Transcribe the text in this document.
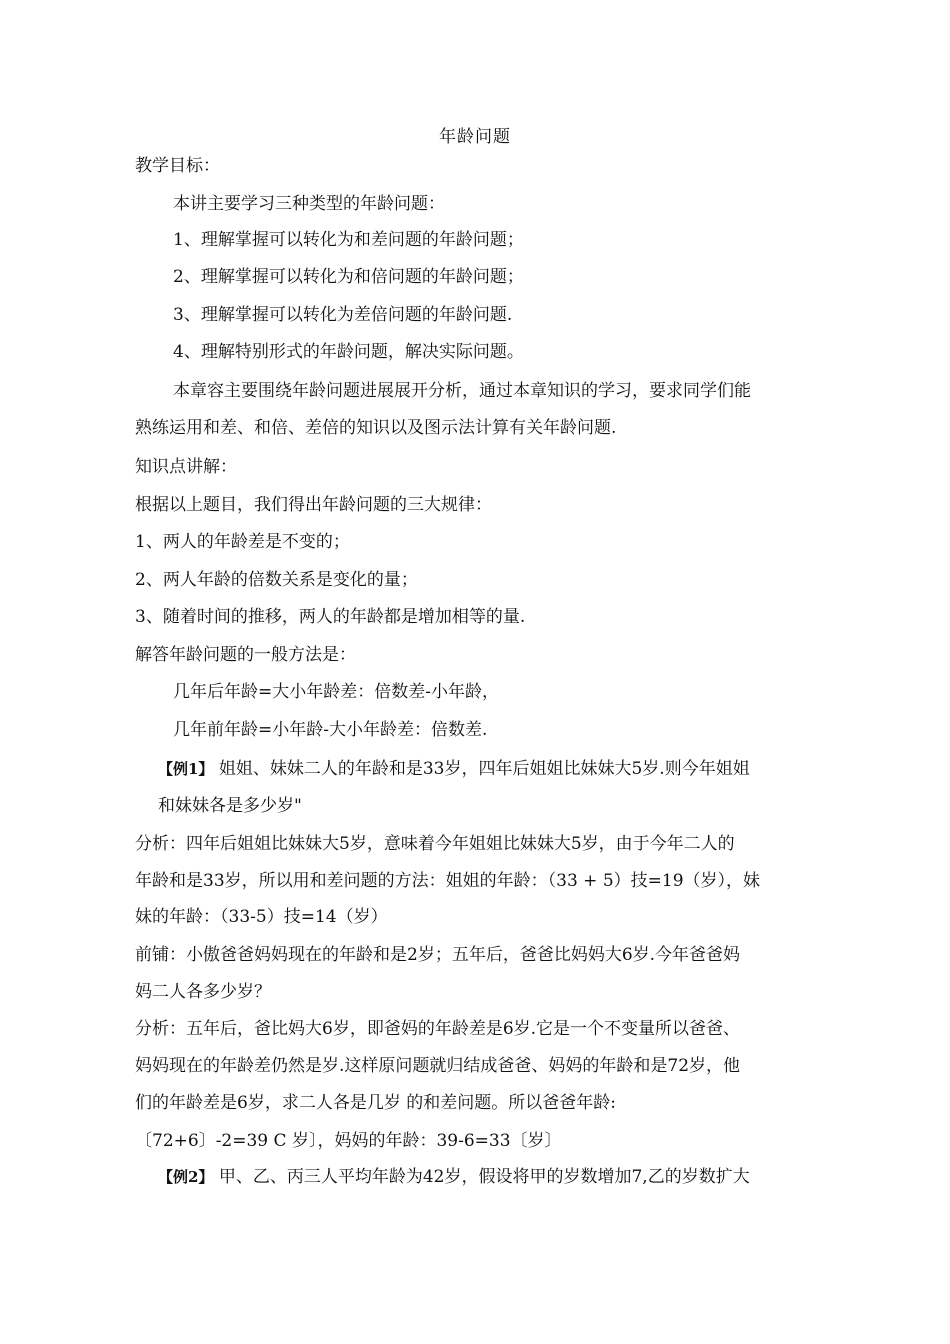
年龄问题
教学目标：
本讲主要学习三种类型的年龄问题：
1、理解掌握可以转化为和差问题的年龄问题；
2、理解掌握可以转化为和倍问题的年龄问题；
3、理解掌握可以转化为差倍问题的年龄问题.
4、理解特别形式的年龄问题，解决实际问题。
本章容主要围绕年龄问题进展展开分析，通过本章知识的学习，要求同学们能
熟练运用和差、和倍、差倍的知识以及图示法计算有关年龄问题.
知识点讲解：
根据以上题目，我们得出年龄问题的三大规律：
1、两人的年龄差是不变的；
2、两人年龄的倍数关系是变化的量；
3、随着时间的推移，两人的年龄都是增加相等的量.
解答年龄问题的一般方法是：
几年后年龄=大小年龄差：倍数差-小年龄，
几年前年龄=小年龄-大小年龄差：倍数差.
【例1】 姐姐、妹妹二人的年龄和是33岁，四年后姐姐比妹妹大5岁.则今年姐姐
和妹妹各是多少岁"
分析：四年后姐姐比妹妹大5岁，意味着今年姐姐比妹妹大5岁，由于今年二人的
年龄和是33岁，所以用和差问题的方法：姐姐的年龄：（33 + 5）技=19（岁），妹
妹的年龄：（33-5）技=14（岁）
前铺：小傲爸爸妈妈现在的年龄和是2岁；五年后，爸爸比妈妈大6岁.今年爸爸妈
妈二人各多少岁？
分析：五年后，爸比妈大6岁，即爸妈的年龄差是6岁.它是一个不变量所以爸爸、
妈妈现在的年龄差仍然是岁.这样原问题就归结成爸爸、妈妈的年龄和是72岁，他
们的年龄差是6岁，求二人各是几岁 的和差问题。所以爸爸年龄:
〔72+6〕-2=39 C 岁〕，妈妈的年龄：39-6=33〔岁〕
【例2】 甲、乙、丙三人平均年龄为42岁，假设将甲的岁数增加7,乙的岁数扩大
